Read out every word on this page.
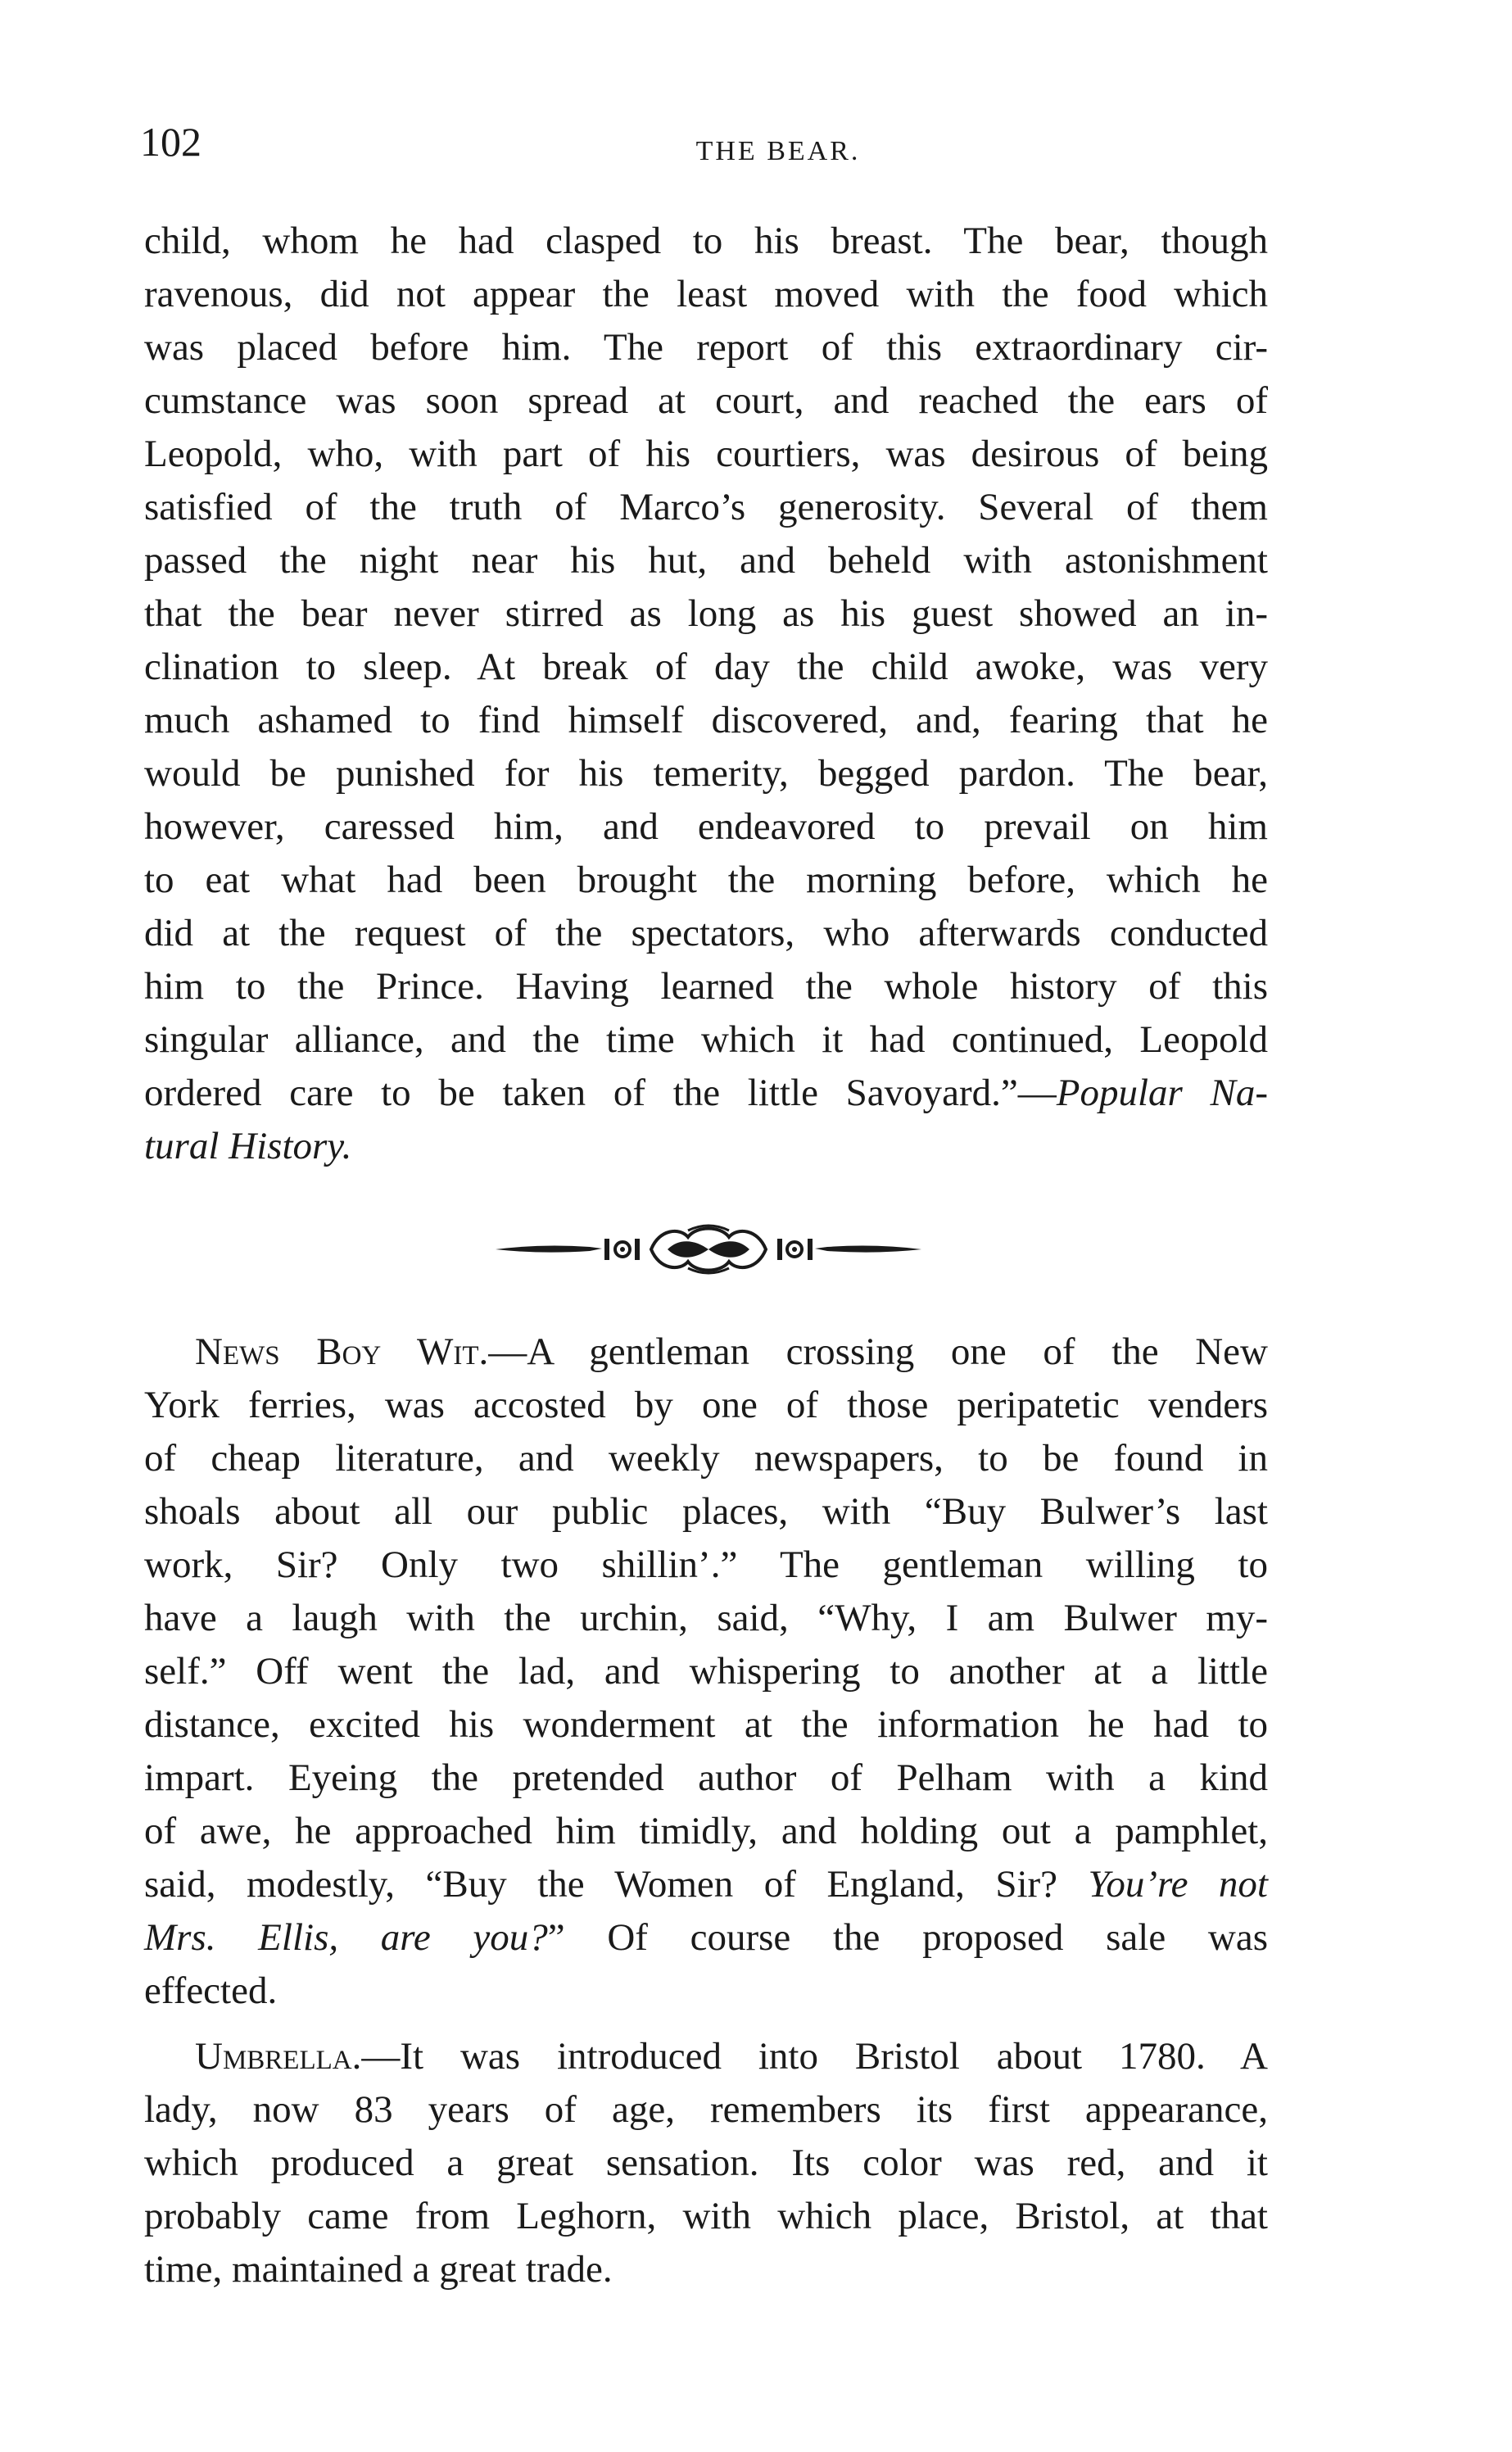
102	THE BEAR.
child, whom he had clasped to his breast. The bear, though
ravenous, did not appear the least moved with the food which
was placed before him. The report of this extraordinary cir-
cumstance was soon spread at court, and reached the ears of
Leopold, who, with part of his courtiers, was desirous of being
satisfied of the truth of Marco’s generosity. Several of them
passed the night near his hut, and beheld with astonishment
that the bear never stirred as long as his guest showed an in-
clination to sleep. At break of day the child awoke, was very
much ashamed to find himself discovered, and, fearing that he
would be punished for his temerity, begged pardon. The bear,
however, caressed him, and endeavored to prevail on him
to eat what had been brought the morning before, which he
did at the request of the spectators, who afterwards conducted
him to the Prince. Having learned the whole history of this
singular alliance, and the time which it had continued, Leopold
ordered care to be taken of the little Savoyard.”—Popular Na-
tural History.
News Boy Wit.—A gentleman crossing one of the New
York ferries, was accosted by one of those peripatetic venders
of cheap literature, and weekly newspapers, to be found in
shoals about all our public places, with “Buy Bulwer’s last
work, Sir? Only two shillin’.” The gentleman willing to
have a laugh with the urchin, said, “Why, I am Bulwer my-
self.” Off went the lad, and whispering to another at a little
distance, excited his wonderment at the information he had to
impart. Eyeing the pretended author of Pelham with a kind
of awe, he approached him timidly, and holding out a pamphlet,
said, modestly, “Buy the Women of England, Sir? You’re not
Mrs. Ellis, are you?” Of course the proposed sale was
effected.
Umbrella.—It was introduced into Bristol about 1780. A
lady, now 83 years of age, remembers its first appearance,
which produced a great sensation. Its color was red, and it
probably came from Leghorn, with which place, Bristol, at that
time, maintained a great trade.
